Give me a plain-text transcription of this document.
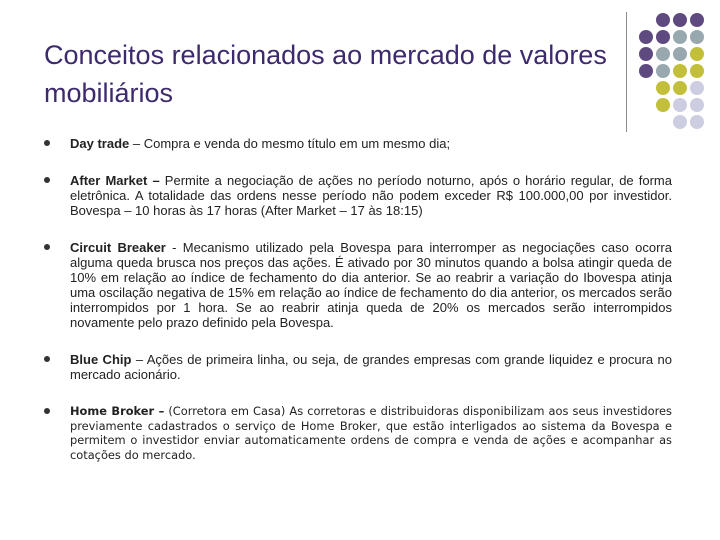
Conceitos relacionados ao mercado de valores mobiliários
Day trade – Compra e venda do mesmo título em um mesmo dia;
After Market – Permite a negociação de ações no período noturno, após o horário regular, de forma eletrônica. A totalidade das ordens nesse período não podem exceder R$ 100.000,00 por investidor. Bovespa – 10 horas às 17 horas (After Market – 17 às 18:15)
Circuit Breaker - Mecanismo utilizado pela Bovespa para interromper as negociações caso ocorra alguma queda brusca nos preços das ações. É ativado por 30 minutos quando a bolsa atingir queda de 10% em relação ao índice de fechamento do dia anterior. Se ao reabrir a variação do Ibovespa atinja uma oscilação negativa de 15% em relação ao índice de fechamento do dia anterior, os mercados serão interrompidos por 1 hora. Se ao reabrir atinja queda de 20% os mercados serão interrompidos novamente pelo prazo definido pela Bovespa.
Blue Chip – Ações de primeira linha, ou seja, de grandes empresas com grande liquidez e procura no mercado acionário.
Home Broker – (Corretora em Casa) As corretoras e distribuidoras disponibilizam aos seus investidores previamente cadastrados o serviço de Home Broker, que estão interligados ao sistema da Bovespa e permitem o investidor enviar automaticamente ordens de compra e venda de ações e acompanhar as cotações do mercado.
